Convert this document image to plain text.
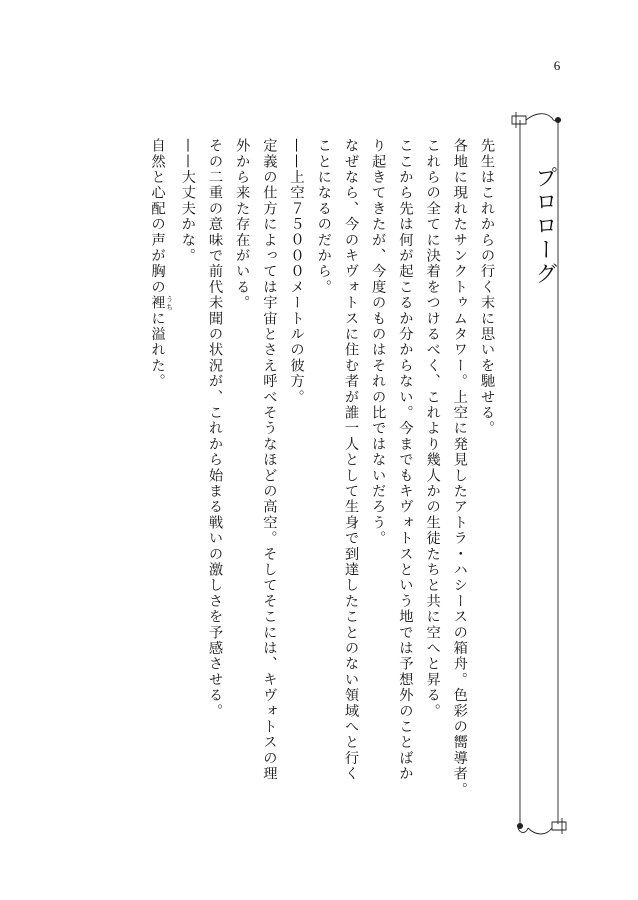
6
プロローグ

先生はこれからの行く末に思いを馳せる。

各地に現れたサンクトゥムタワー。上空に発見したアトラ・ハシースの箱舟。色彩の嚮導者。

これらの全てに決着をつけるべく、これより幾人かの生徒たちと共に空へと昇る。

ここから先は何が起こるか分からない。今までもキヴォトスという地では予想外のことばか

り起きてきたが、今度のものはそれの比ではないだろう。

なぜなら、今のキヴォトスに住む者が誰一人として生身で到達したことのない領域へと行く

ことになるのだから。

——上空７５０００メートルの彼方。

定義の仕方によっては宇宙とさえ呼べそうなほどの高空。そしてそこには、キヴォトスの理

外から来た存在がいる。

その二重の意味で前代未聞の状況が、これから始まる戦いの激しさを予感させる。

——大丈夫かな。

自然と心配の声が胸の裡 うちに溢れた。
